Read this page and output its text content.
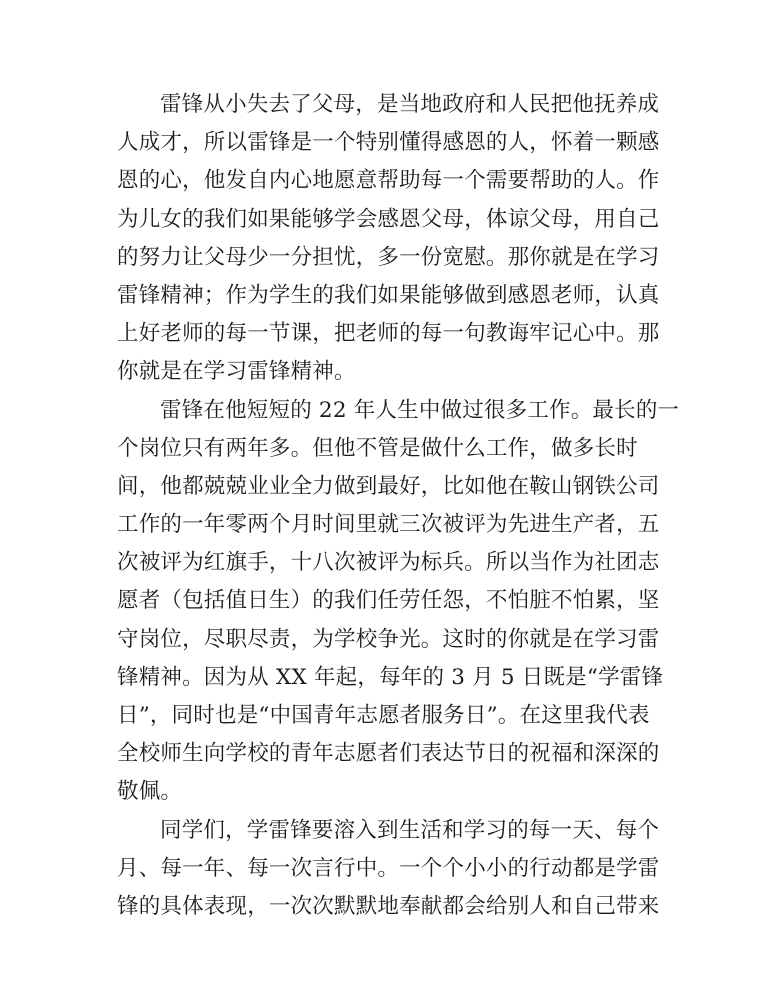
雷锋从小失去了父母，是当地政府和人民把他抚养成
人成才，所以雷锋是一个特别懂得感恩的人，怀着一颗感
恩的心，他发自内心地愿意帮助每一个需要帮助的人。作
为儿女的我们如果能够学会感恩父母，体谅父母，用自己
的努力让父母少一分担忧，多一份宽慰。那你就是在学习
雷锋精神；作为学生的我们如果能够做到感恩老师，认真
上好老师的每一节课，把老师的每一句教诲牢记心中。那
你就是在学习雷锋精神。
雷锋在他短短的 22 年人生中做过很多工作。最长的一
个岗位只有两年多。但他不管是做什么工作，做多长时
间，他都兢兢业业全力做到最好，比如他在鞍山钢铁公司
工作的一年零两个月时间里就三次被评为先进生产者，五
次被评为红旗手，十八次被评为标兵。所以当作为社团志
愿者（包括值日生）的我们任劳任怨，不怕脏不怕累，坚
守岗位，尽职尽责，为学校争光。这时的你就是在学习雷
锋精神。因为从 XX 年起，每年的 3 月 5 日既是“学雷锋
日”，同时也是“中国青年志愿者服务日”。在这里我代表
全校师生向学校的青年志愿者们表达节日的祝福和深深的
敬佩。
同学们，学雷锋要溶入到生活和学习的每一天、每个
月、每一年、每一次言行中。一个个小小的行动都是学雷
锋的具体表现，一次次默默地奉献都会给别人和自己带来
